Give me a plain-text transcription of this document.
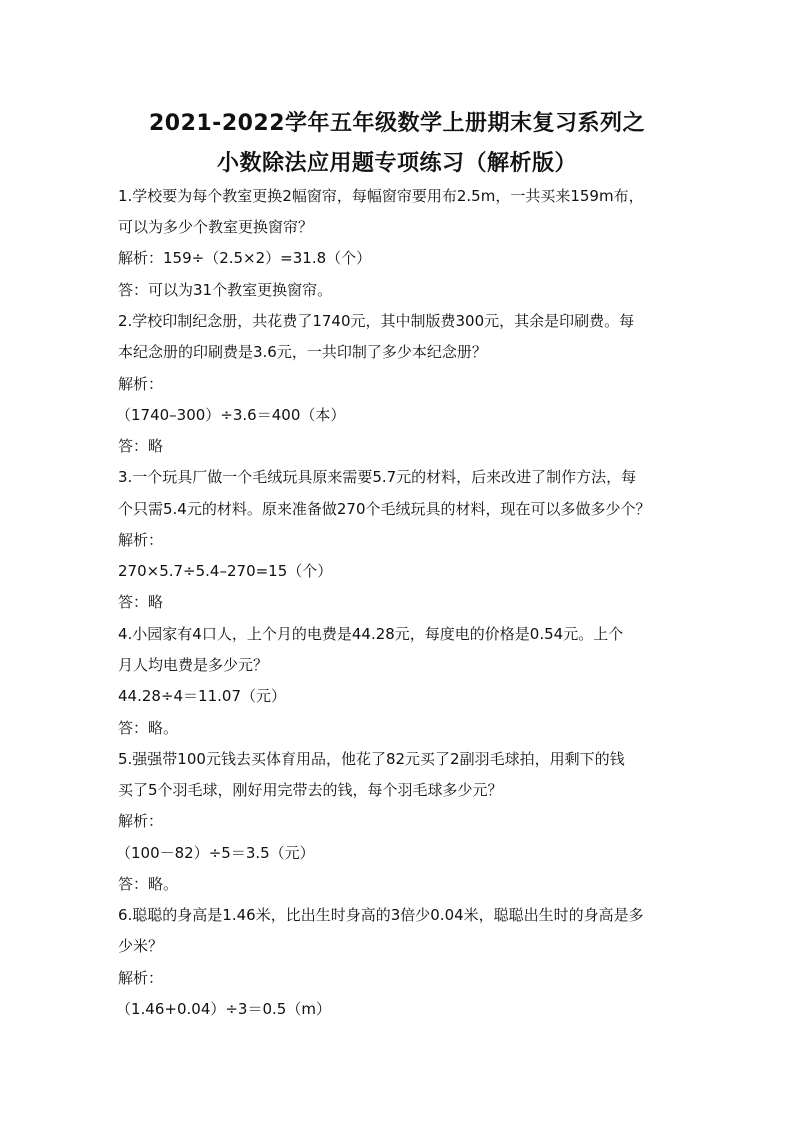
2021-2022学年五年级数学上册期末复习系列之
小数除法应用题专项练习（解析版）
1.学校要为每个教室更换2幅窗帘，每幅窗帘要用布2.5m，一共买来159m布，
可以为多少个教室更换窗帘？
解析：159÷（2.5×2）=31.8（个）
答：可以为31个教室更换窗帘。
2.学校印制纪念册，共花费了1740元，其中制版费300元，其余是印刷费。每
本纪念册的印刷费是3.6元，一共印制了多少本纪念册？
解析：
（1740–300）÷3.6＝400（本）
答：略
3.一个玩具厂做一个毛绒玩具原来需要5.7元的材料，后来改进了制作方法，每
个只需5.4元的材料。原来准备做270个毛绒玩具的材料，现在可以多做多少个？
解析：
270×5.7÷5.4–270=15（个）
答：略
4.小园家有4口人，上个月的电费是44.28元，每度电的价格是0.54元。上个
月人均电费是多少元？
44.28÷4＝11.07（元）
答：略。
5.强强带100元钱去买体育用品，他花了82元买了2副羽毛球拍，用剩下的钱
买了5个羽毛球，刚好用完带去的钱，每个羽毛球多少元？
解析：
（100－82）÷5＝3.5（元）
答：略。
6.聪聪的身高是1.46米，比出生时身高的3倍少0.04米，聪聪出生时的身高是多
少米？
解析：
（1.46+0.04）÷3＝0.5（m）
